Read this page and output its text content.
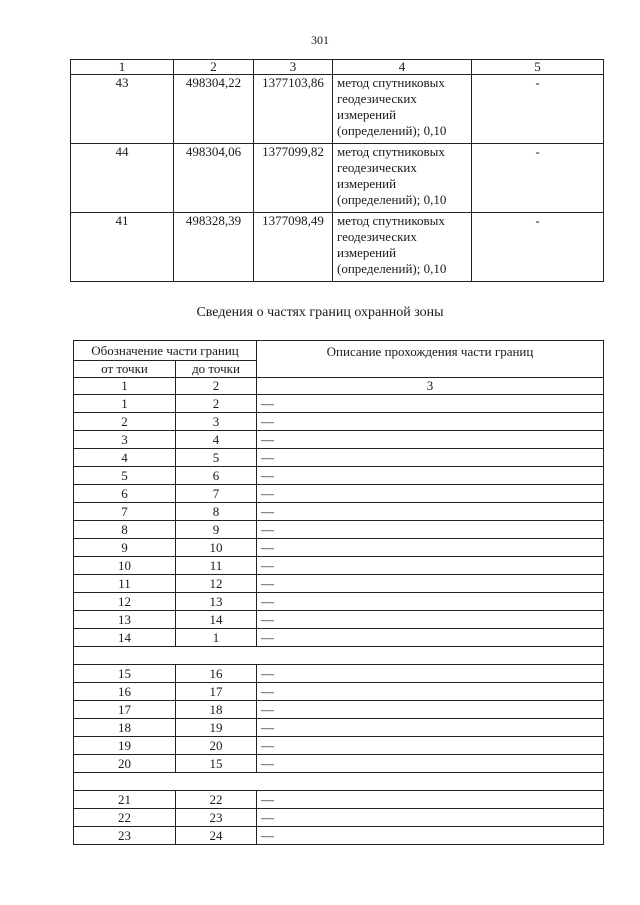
301
1	2	3	4	5
43	498304,22	1377103,86	метод спутниковых
геодезических
измерений
(определений); 0,10	-
44	498304,06	1377099,82	метод спутниковых
геодезических
измерений
(определений); 0,10	-
41	498328,39	1377098,49	метод спутниковых
геодезических
измерений
(определений); 0,10	-
Сведения о частях границ охранной зоны
Обозначение части границ		Описание прохождения части границ
от точки	до точки	
1	2	3
1	2	—
2	3	—
3	4	—
4	5	—
5	6	—
6	7	—
7	8	—
8	9	—
9	10	—
10	11	—
11	12	—
12	13	—
13	14	—
14	1	—

15	16	—
16	17	—
17	18	—
18	19	—
19	20	—
20	15	—

21	22	—
22	23	—
23	24	—
